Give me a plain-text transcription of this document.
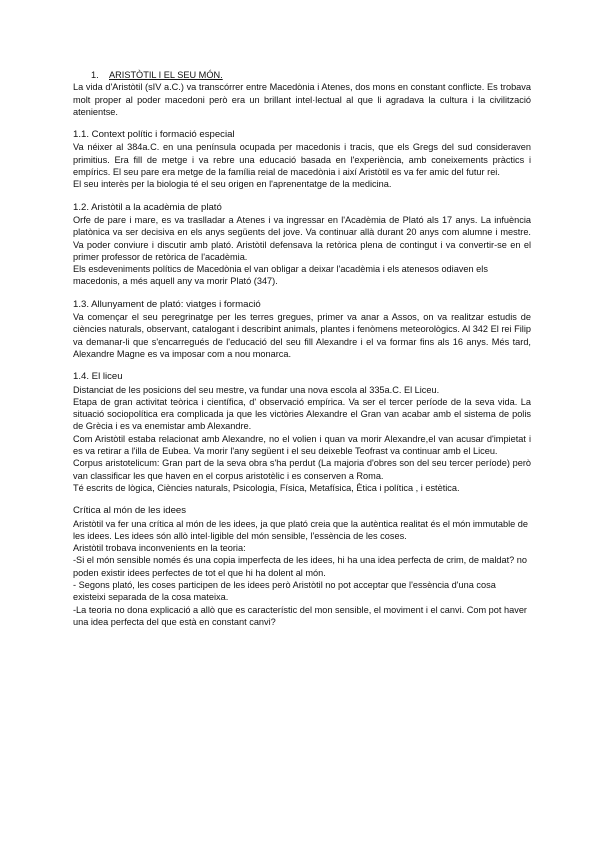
1. ARISTÒTIL I EL SEU MÓN.

La vida d'Aristòtil (sIV a.C.) va transcórrer entre Macedònia i Atenes, dos mons en constant conflicte. Es trobava molt proper al poder macedoni però era un brillant intel·lectual al que li agradava la cultura i la civilització atenientse.

1.1. Context polític i formació especial

Va néixer al 384a.C. en una península ocupada per macedonis i tracis, que els Gregs del sud consideraven primitius. Era fill de metge i va rebre una educació basada en l'experiència, amb coneixements pràctics i empírics. El seu pare era metge de la família reial de macedònia i així Aristòtil es va fer amic del futur rei.

El seu interès per la biologia té el seu origen en l'aprenentatge de la medicina.

1.2. Aristòtil a la acadèmia de plató

Orfe de pare i mare, es va traslladar a Atenes i va ingressar en l'Acadèmia de Plató als 17 anys. La infuència platònica va ser decisiva en els anys següents del jove. Va continuar allà durant 20 anys com alumne i mestre. Va poder conviure i discutir amb plató. Aristòtil defensava la retòrica plena de contingut i va convertir-se en el primer professor de retòrica de l'acadèmia.

Els esdeveniments polítics de Macedònia el van obligar a deixar l'acadèmia i els atenesos odiaven els macedonis, a més aquell any va morir Plató (347).

1.3. Allunyament de plató: viatges i formació

Va començar el seu peregrinatge per les terres gregues, primer va anar a Assos, on va realitzar estudis de ciències naturals, observant, catalogant i describint animals, plantes i fenòmens meteorològics. Al 342 El rei Filip va demanar-li que s'encarregués de l'educació del seu fill Alexandre i el va formar fins als 16 anys. Més tard, Alexandre Magne es va imposar com a nou monarca.

1.4. El liceu

Distanciat de les posicions del seu mestre, va fundar una nova escola al 335a.C. El Liceu.

Etapa de gran activitat teòrica i científica, d' observació empírica. Va ser el tercer període de la seva vida. La situació sociopolítica era complicada ja que les victòries Alexandre el Gran van acabar amb el sistema de polis de Grècia i es va enemistar amb Alexandre.

Com Aristòtil estaba relacionat amb Alexandre, no el volien i quan va morir Alexandre,el van acusar d'impietat i es va retirar a l'illa de Eubea. Va morir l'any següent i el seu deixeble Teofrast va continuar amb el Liceu.

Corpus aristotelicum: Gran part de la seva obra s'ha perdut (La majoria d'obres son del seu tercer període) però van classificar les que haven en el corpus aristotèlic i es conserven a Roma.

Té escrits de lògica, Ciències naturals, Psicologia, Física, Metafísica, Ètica i política , i estètica.

Crítica al món de les idees

Aristòtil va fer una crítica al món de les idees, ja que plató creia que la autèntica realitat és el món immutable de les idees. Les idees són allò intel·ligible del món sensible, l'essència de les coses.

Aristòtil trobava inconvenients en la teoria:

-Si el món sensible només és una copia imperfecta de les idees, hi ha una idea perfecta de crim, de maldat? no poden existir idees perfectes de tot el que hi ha dolent al món.

- Segons plató, les coses participen de les idees però Aristòtil no pot acceptar que l'essència d'una cosa existeixi separada de la cosa mateixa.

-La teoria no dona explicació a allò que es característic del mon sensible, el moviment i el canvi. Com pot haver una idea perfecta del que està en constant canvi?
